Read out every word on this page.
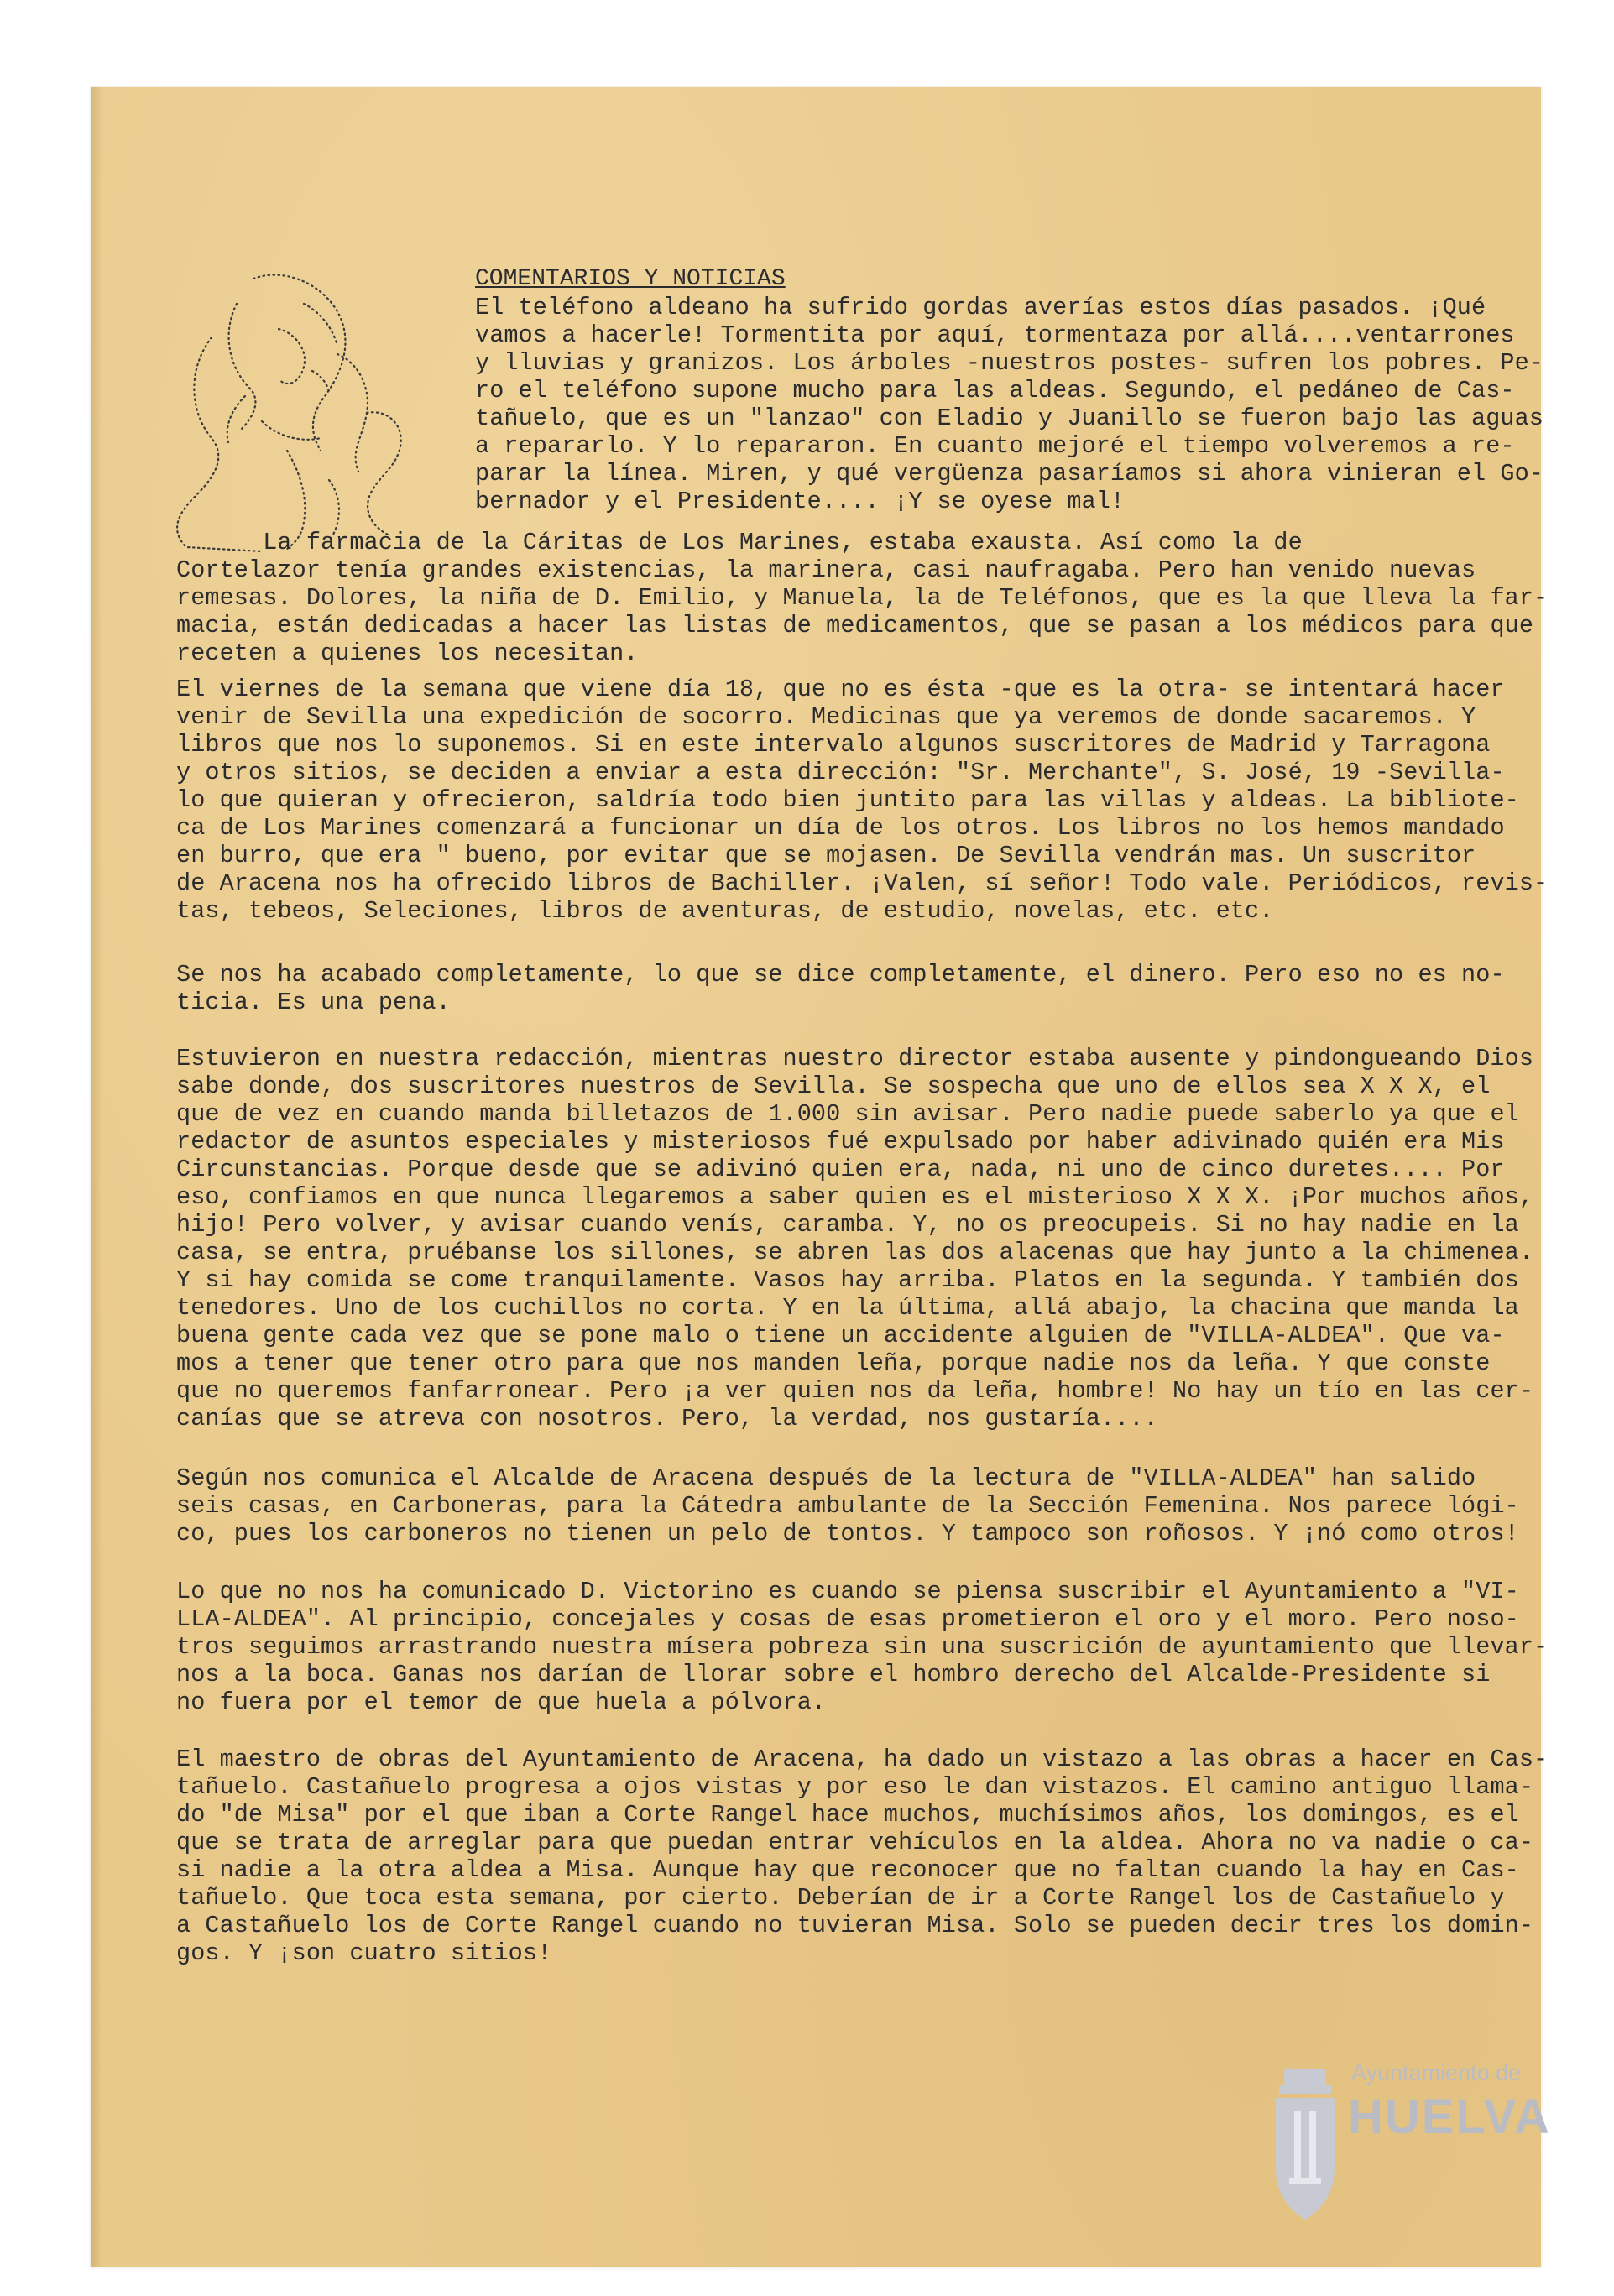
COMENTARIOS Y NOTICIAS
El teléfono aldeano ha sufrido gordas averías estos días pasados. ¡Qué
vamos a hacerle! Tormentita por aquí, tormentaza por allá....ventarrones
y lluvias y granizos. Los árboles -nuestros postes- sufren los pobres. Pe-
ro el teléfono supone mucho para las aldeas. Segundo, el pedáneo de Cas-
tañuelo, que es un "lanzao" con Eladio y Juanillo se fueron bajo las aguas
a repararlo. Y lo repararon. En cuanto mejoré el tiempo volveremos a re-
parar la línea. Miren, y qué vergüenza pasaríamos si ahora vinieran el Go-
bernador y el Presidente.... ¡Y se oyese mal!
La farmacia de la Cáritas de Los Marines, estaba exausta. Así como la de
Cortelazor tenía grandes existencias, la marinera, casi naufragaba. Pero han venido nuevas
remesas. Dolores, la niña de D. Emilio, y Manuela, la de Teléfonos, que es la que lleva la far-
macia, están dedicadas a hacer las listas de medicamentos, que se pasan a los médicos para que
receten a quienes los necesitan.
El viernes de la semana que viene día 18, que no es ésta -que es la otra- se intentará hacer
venir de Sevilla una expedición de socorro. Medicinas que ya veremos de donde sacaremos. Y
libros que nos lo suponemos. Si en este intervalo algunos suscritores de Madrid y Tarragona
y otros sitios, se deciden a enviar a esta dirección: "Sr. Merchante", S. José, 19 -Sevilla-
lo que quieran y ofrecieron, saldría todo bien juntito para las villas y aldeas. La bibliote-
ca de Los Marines comenzará a funcionar un día de los otros. Los libros no los hemos mandado
en burro, que era " bueno, por evitar que se mojasen. De Sevilla vendrán mas. Un suscritor
de Aracena nos ha ofrecido libros de Bachiller. ¡Valen, sí señor! Todo vale. Periódicos, revis-
tas, tebeos, Seleciones, libros de aventuras, de estudio, novelas, etc. etc.
Se nos ha acabado completamente, lo que se dice completamente, el dinero. Pero eso no es no-
ticia. Es una pena.
Estuvieron en nuestra redacción, mientras nuestro director estaba ausente y pindongueando Dios
sabe donde, dos suscritores nuestros de Sevilla. Se sospecha que uno de ellos sea X X X, el
que de vez en cuando manda billetazos de 1.000 sin avisar. Pero nadie puede saberlo ya que el
redactor de asuntos especiales y misteriosos fué expulsado por haber adivinado quién era Mis
Circunstancias. Porque desde que se adivinó quien era, nada, ni uno de cinco duretes.... Por
eso, confiamos en que nunca llegaremos a saber quien es el misterioso X X X. ¡Por muchos años,
hijo! Pero volver, y avisar cuando venís, caramba. Y, no os preocupeis. Si no hay nadie en la
casa, se entra, pruébanse los sillones, se abren las dos alacenas que hay junto a la chimenea.
Y si hay comida se come tranquilamente. Vasos hay arriba. Platos en la segunda. Y también dos
tenedores. Uno de los cuchillos no corta. Y en la última, allá abajo, la chacina que manda la
buena gente cada vez que se pone malo o tiene un accidente alguien de "VILLA-ALDEA". Que va-
mos a tener que tener otro para que nos manden leña, porque nadie nos da leña. Y que conste
que no queremos fanfarronear. Pero ¡a ver quien nos da leña, hombre! No hay un tío en las cer-
canías que se atreva con nosotros. Pero, la verdad, nos gustaría....
Según nos comunica el Alcalde de Aracena después de la lectura de "VILLA-ALDEA" han salido
seis casas, en Carboneras, para la Cátedra ambulante de la Sección Femenina. Nos parece lógi-
co, pues los carboneros no tienen un pelo de tontos. Y tampoco son roñosos. Y ¡nó como otros!
Lo que no nos ha comunicado D. Victorino es cuando se piensa suscribir el Ayuntamiento a "VI-
LLA-ALDEA". Al principio, concejales y cosas de esas prometieron el oro y el moro. Pero noso-
tros seguimos arrastrando nuestra mísera pobreza sin una suscrición de ayuntamiento que llevar-
nos a la boca. Ganas nos darían de llorar sobre el hombro derecho del Alcalde-Presidente si
no fuera por el temor de que huela a pólvora.
El maestro de obras del Ayuntamiento de Aracena, ha dado un vistazo a las obras a hacer en Cas-
tañuelo. Castañuelo progresa a ojos vistas y por eso le dan vistazos. El camino antiguo llama-
do "de Misa" por el que iban a Corte Rangel hace muchos, muchísimos años, los domingos, es el
que se trata de arreglar para que puedan entrar vehículos en la aldea. Ahora no va nadie o ca-
si nadie a la otra aldea a Misa. Aunque hay que reconocer que no faltan cuando la hay en Cas-
tañuelo. Que toca esta semana, por cierto. Deberían de ir a Corte Rangel los de Castañuelo y
a Castañuelo los de Corte Rangel cuando no tuvieran Misa. Solo se pueden decir tres los domin-
gos. Y ¡son cuatro sitios!
Ayuntamiento de
HUELVA
